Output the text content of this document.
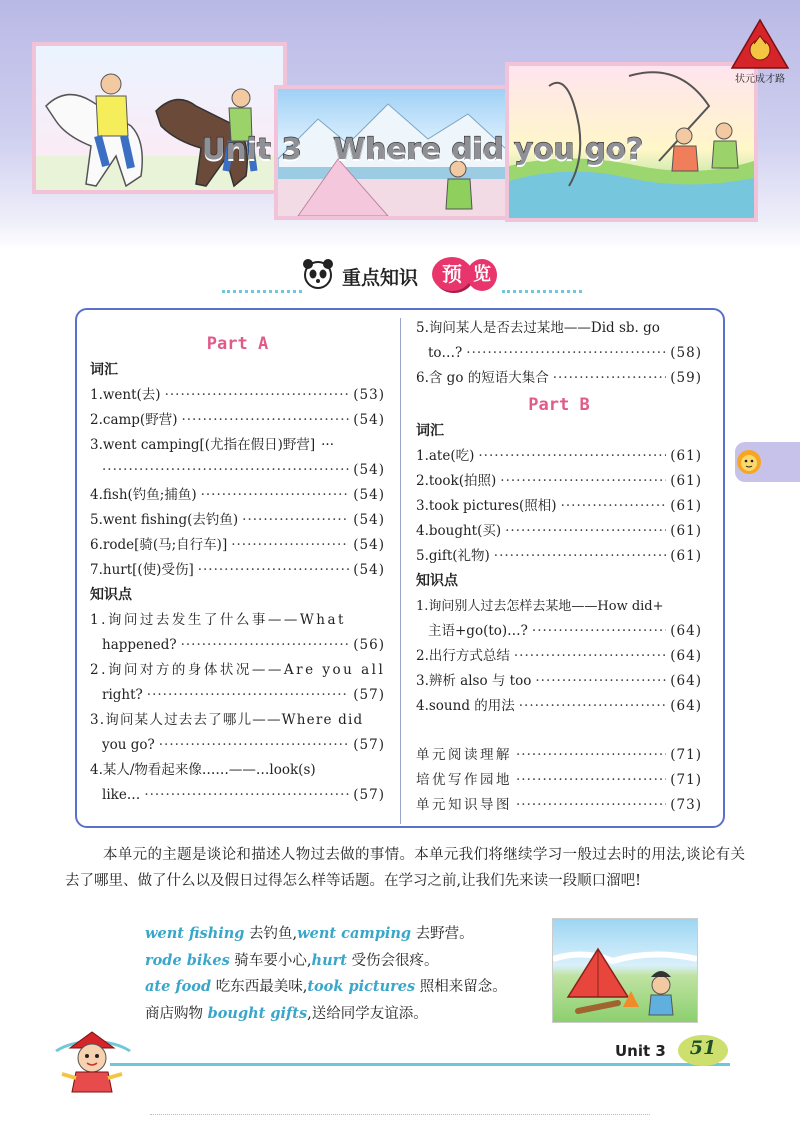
Unit 3   Where did you go?
状元成才路
重点知识	预 览
Part A
词汇
1.went(去) ·····	(53)
2.camp(野营) ·····	(54)
3.went camping[(尤指在假日)野营] ···
·····
(54)
4.fish(钓鱼;捕鱼) ·····	(54)
5.went fishing(去钓鱼) ·····	(54)
6.rode[骑(马;自行车)] ·····	(54)
7.hurt[(使)受伤] ·····	(54)
知识点
1.询问过去发生了什么事——What
happened? ·····	(56)
2.询问对方的身体状况——Are you all
right? ·····	(57)
3.询问某人过去去了哪儿——Where did
you go? ·····	(57)
4.某人/物看起来像……——…look(s)
like… ·····	(57)
5.询问某人是否去过某地——Did sb. go
to…? ·····	(58)
6.含 go 的短语大集合 ·····	(59)
Part B
词汇
1.ate(吃) ·····	(61)
2.took(拍照) ·····	(61)
3.took pictures(照相) ·····	(61)
4.bought(买) ·····	(61)
5.gift(礼物) ·····	(61)
知识点
1.询问别人过去怎样去某地——How did+
主语+go(to)…? ·····	(64)
2.出行方式总结 ·····	(64)
3.辨析 also 与 too ·····	(64)
4.sound 的用法 ·····	(64)
单元阅读理解 ·····	(71)
培优写作园地 ·····	(71)
单元知识导图 ·····	(73)
本单元的主题是谈论和描述人物过去做的事情。本单元我们将继续学习一般过去时的用法,谈论有关去了哪里、做了什么以及假日过得怎么样等话题。在学习之前,让我们先来读一段顺口溜吧!
went fishing 去钓鱼,went camping 去野营。
rode bikes 骑车要小心,hurt 受伤会很疼。
ate food 吃东西最美味,took pictures 照相来留念。
商店购物 bought gifts,送给同学友谊添。
Unit 3	51
